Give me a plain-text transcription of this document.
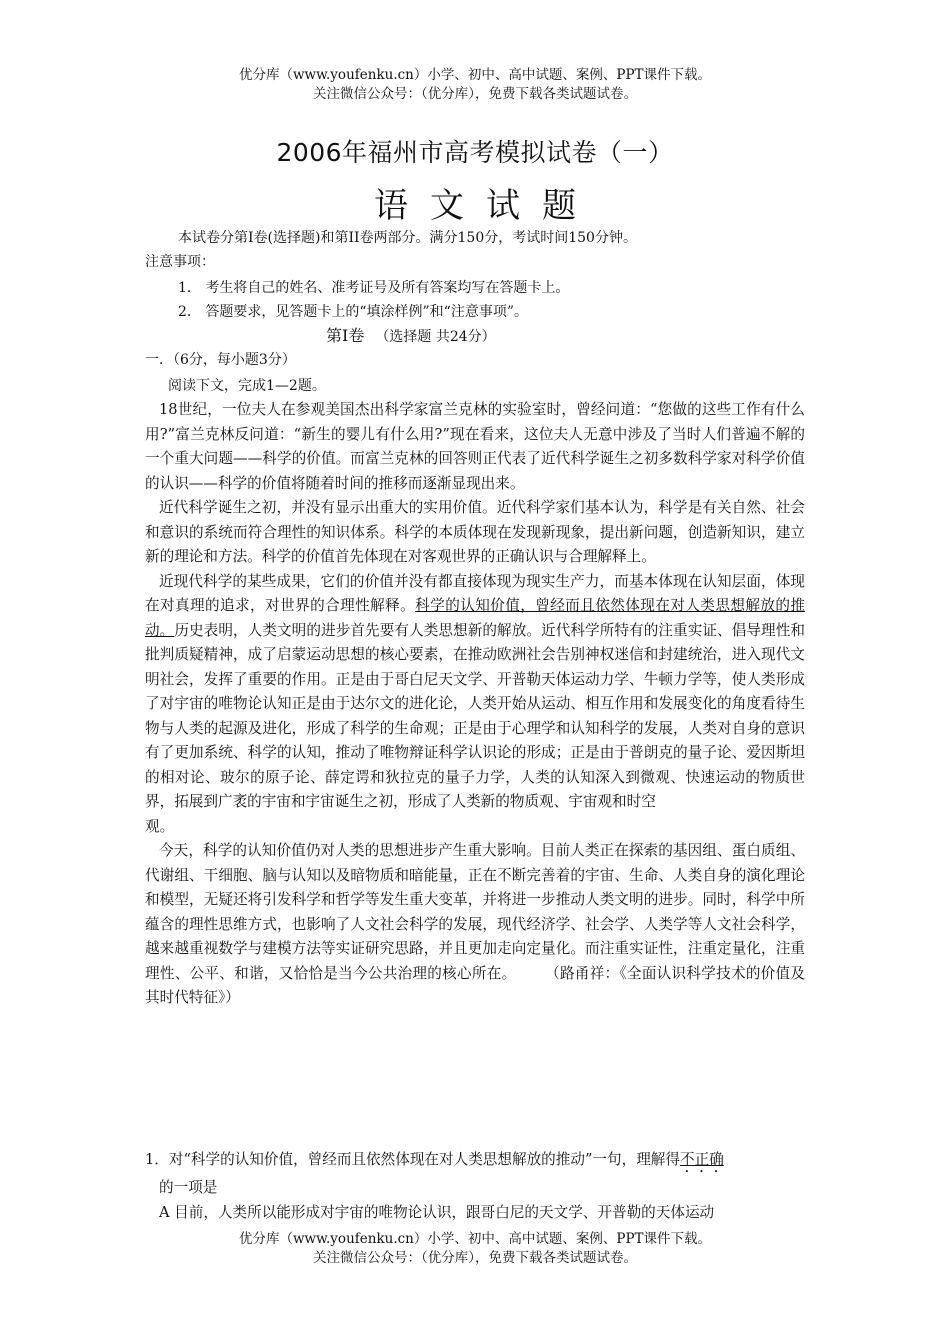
优分库（www.youfenku.cn）小学、初中、高中试题、案例、PPT课件下载。
关注微信公众号：（优分库），免费下载各类试题试卷。
2006年福州市高考模拟试卷（一）
语文试题
本试卷分第I卷(选择题)和第II卷两部分。满分150分，考试时间150分钟。
注意事项：
1． 考生将自己的姓名、准考证号及所有答案均写在答题卡上。
2． 答题要求，见答题卡上的“填涂样例”和“注意事项”。
第I卷 （选择题 共24分）
一．（6分，每小题3分）
阅读下文，完成1—2题。

18世纪，一位夫人在参观美国杰出科学家富兰克林的实验室时，曾经问道：“您做的这些工作有什么用?”富兰克林反问道：“新生的婴儿有什么用?”现在看来，这位夫人无意中涉及了当时人们普遍不解的一个重大问题——科学的价值。而富兰克林的回答则正代表了近代科学诞生之初多数科学家对科学价值的认识——科学的价值将随着时间的推移而逐渐显现出来。

近代科学诞生之初，并没有显示出重大的实用价值。近代科学家们基本认为，科学是有关自然、社会和意识的系统而符合理性的知识体系。科学的本质体现在发现新现象，提出新问题，创造新知识，建立新的理论和方法。科学的价值首先体现在对客观世界的正确认识与合理解释上。

近现代科学的某些成果，它们的价值并没有都直接体现为现实生产力，而基本体现在认知层面，体现在对真理的追求，对世界的合理性解释。科学的认知价值，曾经而且依然体现在对人类思想解放的推动。历史表明，人类文明的进步首先要有人类思想新的解放。近代科学所特有的注重实证、倡导理性和批判质疑精神，成了启蒙运动思想的核心要素，在推动欧洲社会告别神权迷信和封建统治，进入现代文明社会，发挥了重要的作用。正是由于哥白尼天文学、开普勒天体运动力学、牛顿力学等，使人类形成了对宇宙的唯物论认知正是由于达尔文的进化论，人类开始从运动、相互作用和发展变化的角度看待生物与人类的起源及进化，形成了科学的生命观；正是由于心理学和认知科学的发展，人类对自身的意识有了更加系统、科学的认知，推动了唯物辩证科学认识论的形成；正是由于普朗克的量子论、爱因斯坦的相对论、玻尔的原子论、薛定谔和狄拉克的量子力学，人类的认知深入到微观、快速运动的物质世界，拓展到广袤的宇宙和宇宙诞生之初，形成了人类新的物质观、宇宙观和时空

观。

今天，科学的认知价值仍对人类的思想进步产生重大影响。目前人类正在探索的基因组、蛋白质组、代谢组、干细胞、脑与认知以及暗物质和暗能量，正在不断完善着的宇宙、生命、人类自身的演化理论和模型，无疑还将引发科学和哲学等发生重大变革，并将进一步推动人类文明的进步。同时，科学中所蕴含的理性思维方式，也影响了人文社会科学的发展，现代经济学、社会学、人类学等人文社会科学，越来越重视数学与建模方法等实证研究思路，并且更加走向定量化。而注重实证性，注重定量化，注重理性、公平、和谐，又恰恰是当今公共治理的核心所在。 （路甬祥：《全面认识科学技术的价值及其时代特征》）

1．对“科学的认知价值，曾经而且依然体现在对人类思想解放的推动”一句，理解得不正确

的一项是

A 目前，人类所以能形成对宇宙的唯物论认识，跟哥白尼的天文学、开普勒的天体运动

优分库（www.youfenku.cn）小学、初中、高中试题、案例、PPT课件下载。
关注微信公众号：（优分库），免费下载各类试题试卷。
